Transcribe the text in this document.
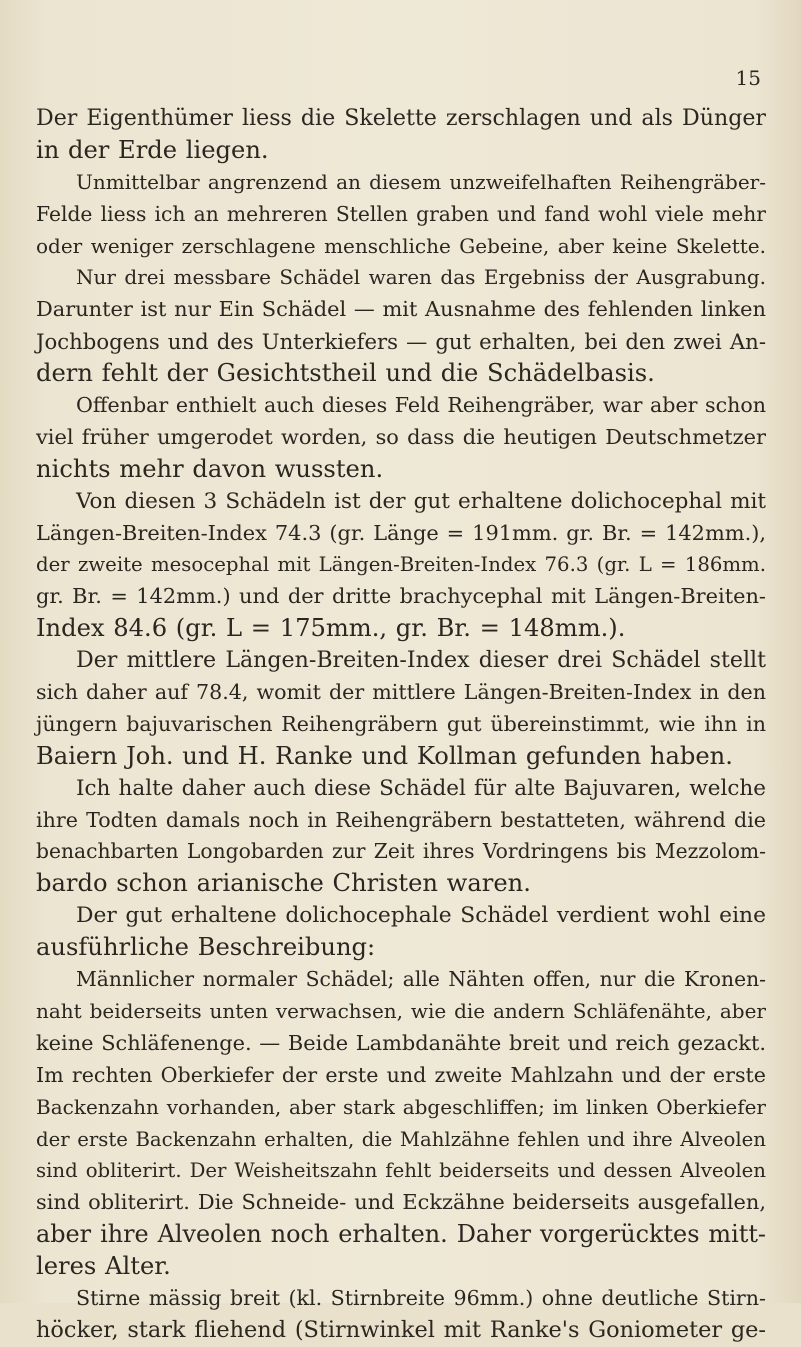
15
Der Eigenthümer liess die Skelette zerschlagen und als Dünger
in der Erde liegen.
Unmittelbar angrenzend an diesem unzweifelhaften Reihengräber-
Felde liess ich an mehreren Stellen graben und fand wohl viele mehr
oder weniger zerschlagene menschliche Gebeine, aber keine Skelette.
Nur drei messbare Schädel waren das Ergebniss der Ausgrabung.
Darunter ist nur Ein Schädel — mit Ausnahme des fehlenden linken
Jochbogens und des Unterkiefers — gut erhalten, bei den zwei An-
dern fehlt der Gesichtstheil und die Schädelbasis.
Offenbar enthielt auch dieses Feld Reihengräber, war aber schon
viel früher umgerodet worden, so dass die heutigen Deutschmetzer
nichts mehr davon wussten.
Von diesen 3 Schädeln ist der gut erhaltene dolichocephal mit
Längen-Breiten-Index 74.3 (gr. Länge = 191mm. gr. Br. = 142mm.),
der zweite mesocephal mit Längen-Breiten-Index 76.3 (gr. L = 186mm.
gr. Br. = 142mm.) und der dritte brachycephal mit Längen-Breiten-
Index 84.6 (gr. L = 175mm., gr. Br. = 148mm.).
Der mittlere Längen-Breiten-Index dieser drei Schädel stellt
sich daher auf 78.4, womit der mittlere Längen-Breiten-Index in den
jüngern bajuvarischen Reihengräbern gut übereinstimmt, wie ihn in
Baiern Joh. und H. Ranke und Kollman gefunden haben.
Ich halte daher auch diese Schädel für alte Bajuvaren, welche
ihre Todten damals noch in Reihengräbern bestatteten, während die
benachbarten Longobarden zur Zeit ihres Vordringens bis Mezzolom-
bardo schon arianische Christen waren.
Der gut erhaltene dolichocephale Schädel verdient wohl eine
ausführliche Beschreibung:
Männlicher normaler Schädel; alle Nähten offen, nur die Kronen-
naht beiderseits unten verwachsen, wie die andern Schläfenähte, aber
keine Schläfenenge. — Beide Lambdanähte breit und reich gezackt.
Im rechten Oberkiefer der erste und zweite Mahlzahn und der erste
Backenzahn vorhanden, aber stark abgeschliffen; im linken Oberkiefer
der erste Backenzahn erhalten, die Mahlzähne fehlen und ihre Alveolen
sind obliterirt. Der Weisheitszahn fehlt beiderseits und dessen Alveolen
sind obliterirt. Die Schneide- und Eckzähne beiderseits ausgefallen,
aber ihre Alveolen noch erhalten. Daher vorgerücktes mitt-
leres Alter.
Stirne mässig breit (kl. Stirnbreite 96mm.) ohne deutliche Stirn-
höcker, stark fliehend (Stirnwinkel mit Ranke's Goniometer ge-
